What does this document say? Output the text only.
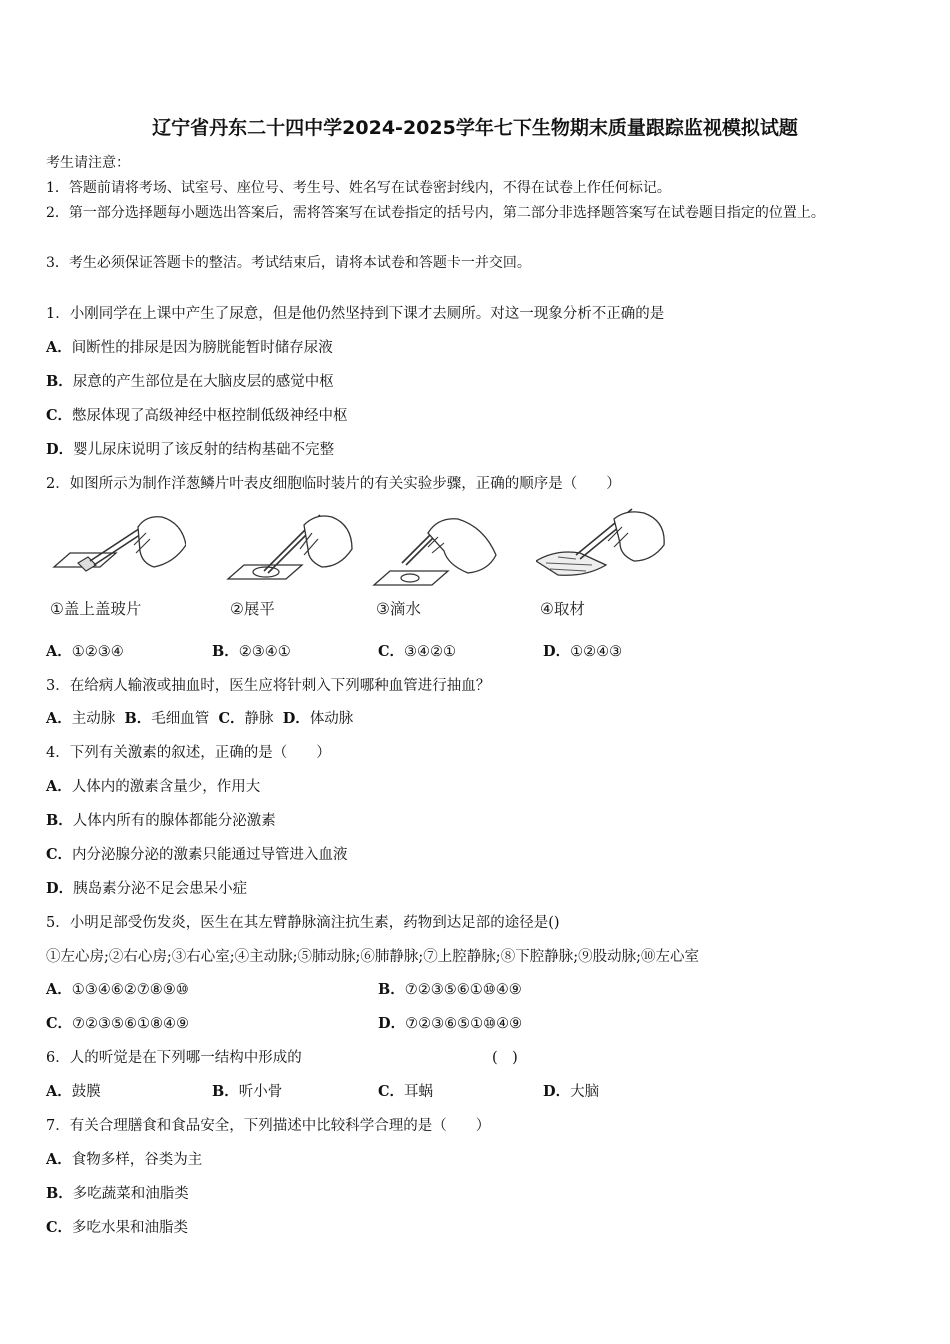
辽宁省丹东二十四中学2024-2025学年七下生物期末质量跟踪监视模拟试题
考生请注意：
1．答题前请将考场、试室号、座位号、考生号、姓名写在试卷密封线内，不得在试卷上作任何标记。
2．第一部分选择题每小题选出答案后，需将答案写在试卷指定的括号内，第二部分非选择题答案写在试卷题目指定的位置上。
3．考生必须保证答题卡的整洁。考试结束后，请将本试卷和答题卡一并交回。
1．小刚同学在上课中产生了尿意，但是他仍然坚持到下课才去厕所。对这一现象分析不正确的是
A．间断性的排尿是因为膀胱能暂时储存尿液
B．尿意的产生部位是在大脑皮层的感觉中枢
C．憋尿体现了高级神经中枢控制低级神经中枢
D．婴儿尿床说明了该反射的结构基础不完整
2．如图所示为制作洋葱鳞片叶表皮细胞临时装片的有关实验步骤，正确的顺序是（　　）
①盖上盖玻片	②展平	③滴水	④取材
A．①②③④	B．②③④①	C．③④②①	D．①②④③
3．在给病人输液或抽血时，医生应将针刺入下列哪种血管进行抽血？
A．主动脉 B．毛细血管 C．静脉 D．体动脉
4．下列有关激素的叙述，正确的是（　　）
A．人体内的激素含量少，作用大
B．人体内所有的腺体都能分泌激素
C．内分泌腺分泌的激素只能通过导管进入血液
D．胰岛素分泌不足会患呆小症
5．小明足部受伤发炎，医生在其左臂静脉滴注抗生素，药物到达足部的途径是()
①左心房;②右心房;③右心室;④主动脉;⑤肺动脉;⑥肺静脉;⑦上腔静脉;⑧下腔静脉;⑨股动脉;⑩左心室
A．①③④⑥②⑦⑧⑨⑩	B．⑦②③⑤⑥①⑩④⑨
C．⑦②③⑤⑥①⑧④⑨	D．⑦②③⑥⑤①⑩④⑨
6．人的听觉是在下列哪一结构中形成的	(　)
A．鼓膜	B．听小骨	C．耳蜗	D．大脑
7．有关合理膳食和食品安全，下列描述中比较科学合理的是（　　）
A．食物多样，谷类为主
B．多吃蔬菜和油脂类
C．多吃水果和油脂类
